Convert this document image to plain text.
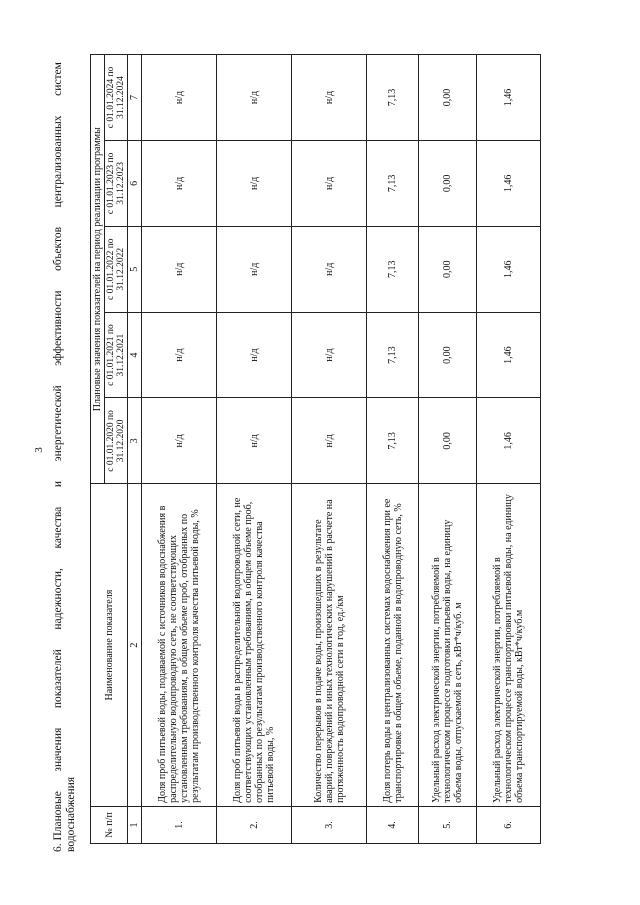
3
6. Плановые
значения
показателей
надежности,
качества
и
энергетической
эффективности
объектов
централизованных
систем
водоснабжения	№ п/п	Наименование показателя	Плановые значения показателей на период реализации программы				
		с 01.01.2020 по 31.12.2020	с 01.01.2021 по 31.12.2021	с 01.01.2022 по 31.12.2022	с 01.01.2023 по 31.12.2023	с 01.01.2024 по 31.12.2024
1	2	3	4	5	6	7
1.	Доля проб питьевой воды, подаваемой с источников водоснабжения в распределительную водопроводную сеть, не соответствующих установленным требованиям, в общем объеме проб, отобранных по результатам производственного контроля качества питьевой воды, %	н/д	н/д	н/д	н/д	н/д
2.	Доля проб питьевой воды в распределительной водопроводной сети, не соответствующих установленным требованиям, в общем объеме проб, отобранных по результатам производственного контроля качества питьевой воды, %	н/д	н/д	н/д	н/д	н/д
3.	Количество перерывов в подаче воды, произошедших в результате аварий, повреждений и иных технологических нарушений в расчете на протяженность водопроводной сети в год, ед./км	н/д	н/д	н/д	н/д	н/д
4.	Доля потерь воды в централизованных системах водоснабжения при ее транспортировке в общем объеме, поданной в водопроводную сеть, %	7,13	7,13	7,13	7,13	7,13
5.	Удельный расход электрической энергии, потребляемой в технологическом процессе подготовки питьевой воды, на единицу объема воды, отпускаемой в сеть, кВт*ч/куб. м	0,00	0,00	0,00	0,00	0,00
6.	Удельный расход электрической энергии, потребляемой в технологическом процессе транспортировки питьевой воды, на единицу объема транспортируемой воды, кВт*ч/куб.м	1,46	1,46	1,46	1,46	1,46
